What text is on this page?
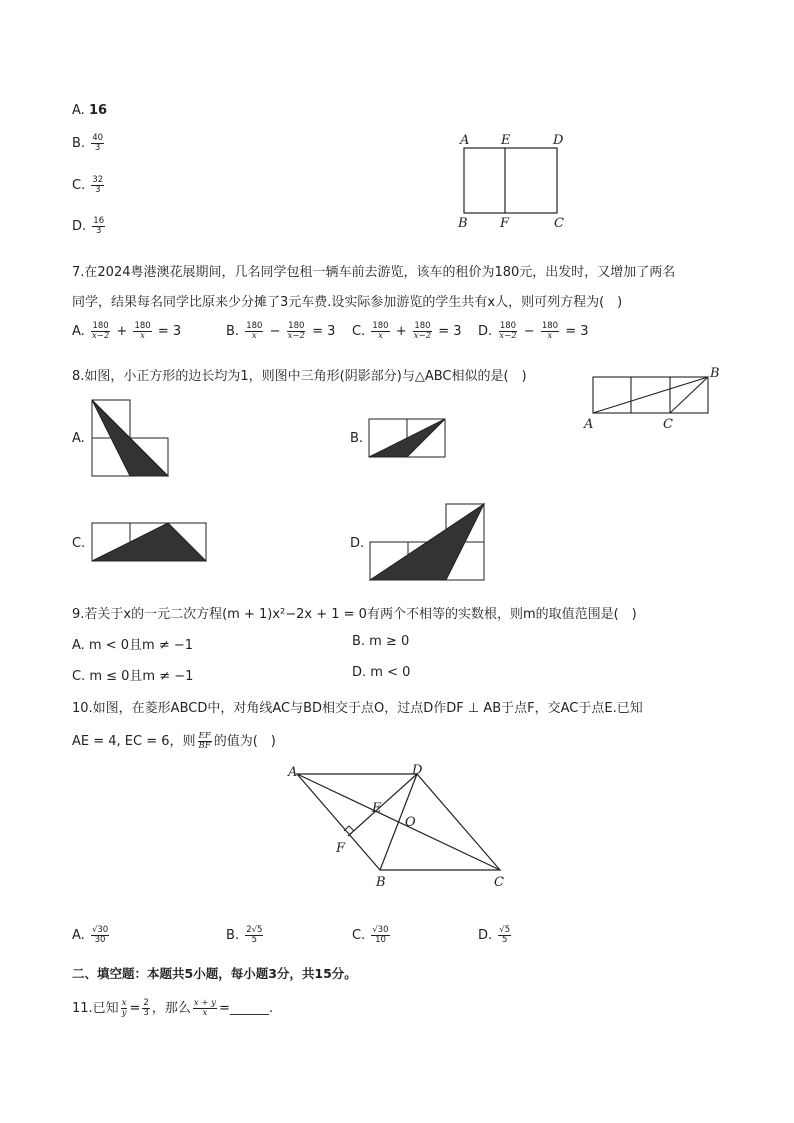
A. 16
B. $\frac{40}{3}$
C. $\frac{32}{3}$
D. $\frac{16}{3}$
A E	D
B F	C
7.在2024粤港澳花展期间，几名同学包租一辆车前去游览，该车的租价为180元，出发时，又增加了两名
同学，结果每名同学比原来少分摊了3元车费.设实际参加游览的学生共有x人，则可列方程为(　)
A. $\frac{180}{x-2} + \frac{180}{x} = 3$	B. $\frac{180}{x} - \frac{180}{x-2} = 3$ C. $\frac{180}{x} + \frac{180}{x-2} = 3$ D. $\frac{180}{x-2} - \frac{180}{x} = 3$
8.如图，小正方形的边长均为1，则图中三角形(阴影部分)与△ABC相似的是(　)	B
A	C
A.	B.
C.	D.
9.若关于x的一元二次方程(m + 1)x²−2x + 1 = 0有两个不相等的实数根，则m的取值范围是(　)
A. m < 0且m ≠ −1	B. m ≥ 0
C. m ≤ 0且m ≠ −1	D. m < 0
10.如图，在菱形ABCD中，对角线AC与BD相交于点O，过点D作DF ⊥ AB于点F，交AC于点E.已知
AE = 4, EC = 6，则 $\frac{EF}{BF}$ 的值为(　)
A	D
E
O
F
B	C
A. $\frac{√30}{30}$	B. $\frac{2√5}{5}$	C. $\frac{√30}{10}$	D. $\frac{√5}{5}$
二、填空题：本题共5小题，每小题3分，共15分。
11.已知 $\frac{x}{y} = \frac{2}{3}$ ，那么 $\frac{x + y}{x}$ =______.
